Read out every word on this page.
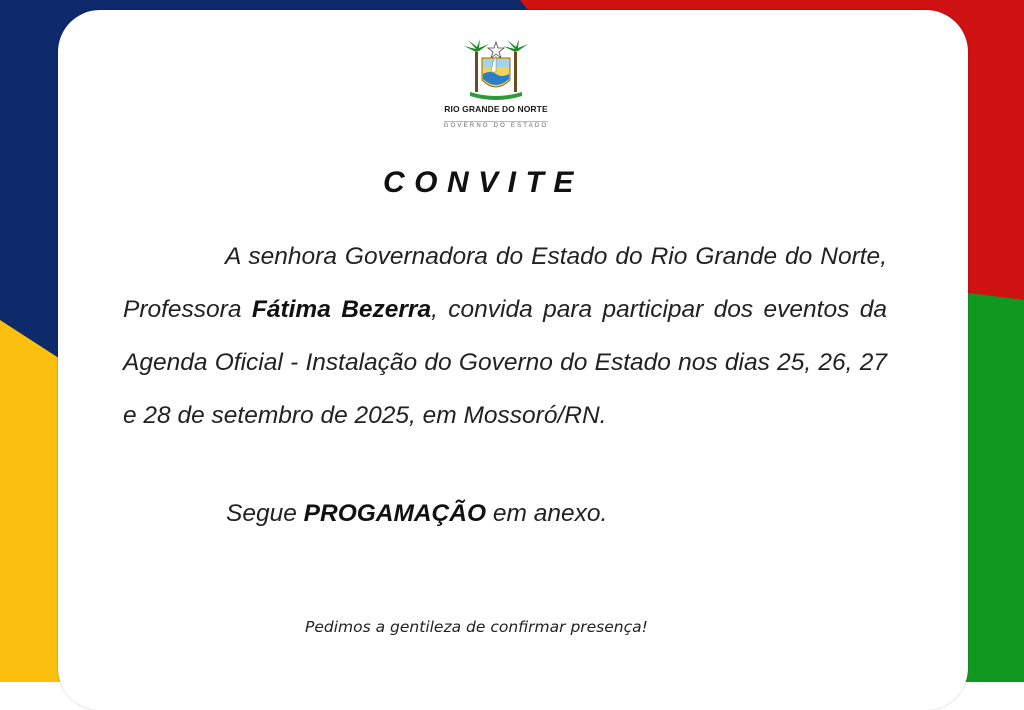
RIO GRANDE DO NORTE
GOVERNO DO ESTADO
CONVITE

A senhora Governadora do Estado do Rio Grande do Norte, Professora Fátima Bezerra, convida para participar dos eventos da Agenda Oficial - Instalação do Governo do Estado nos dias 25, 26, 27 e 28 de setembro de 2025, em Mossoró/RN.

Segue PROGAMAÇÃO em anexo.
Pedimos a gentileza de confirmar presença!
